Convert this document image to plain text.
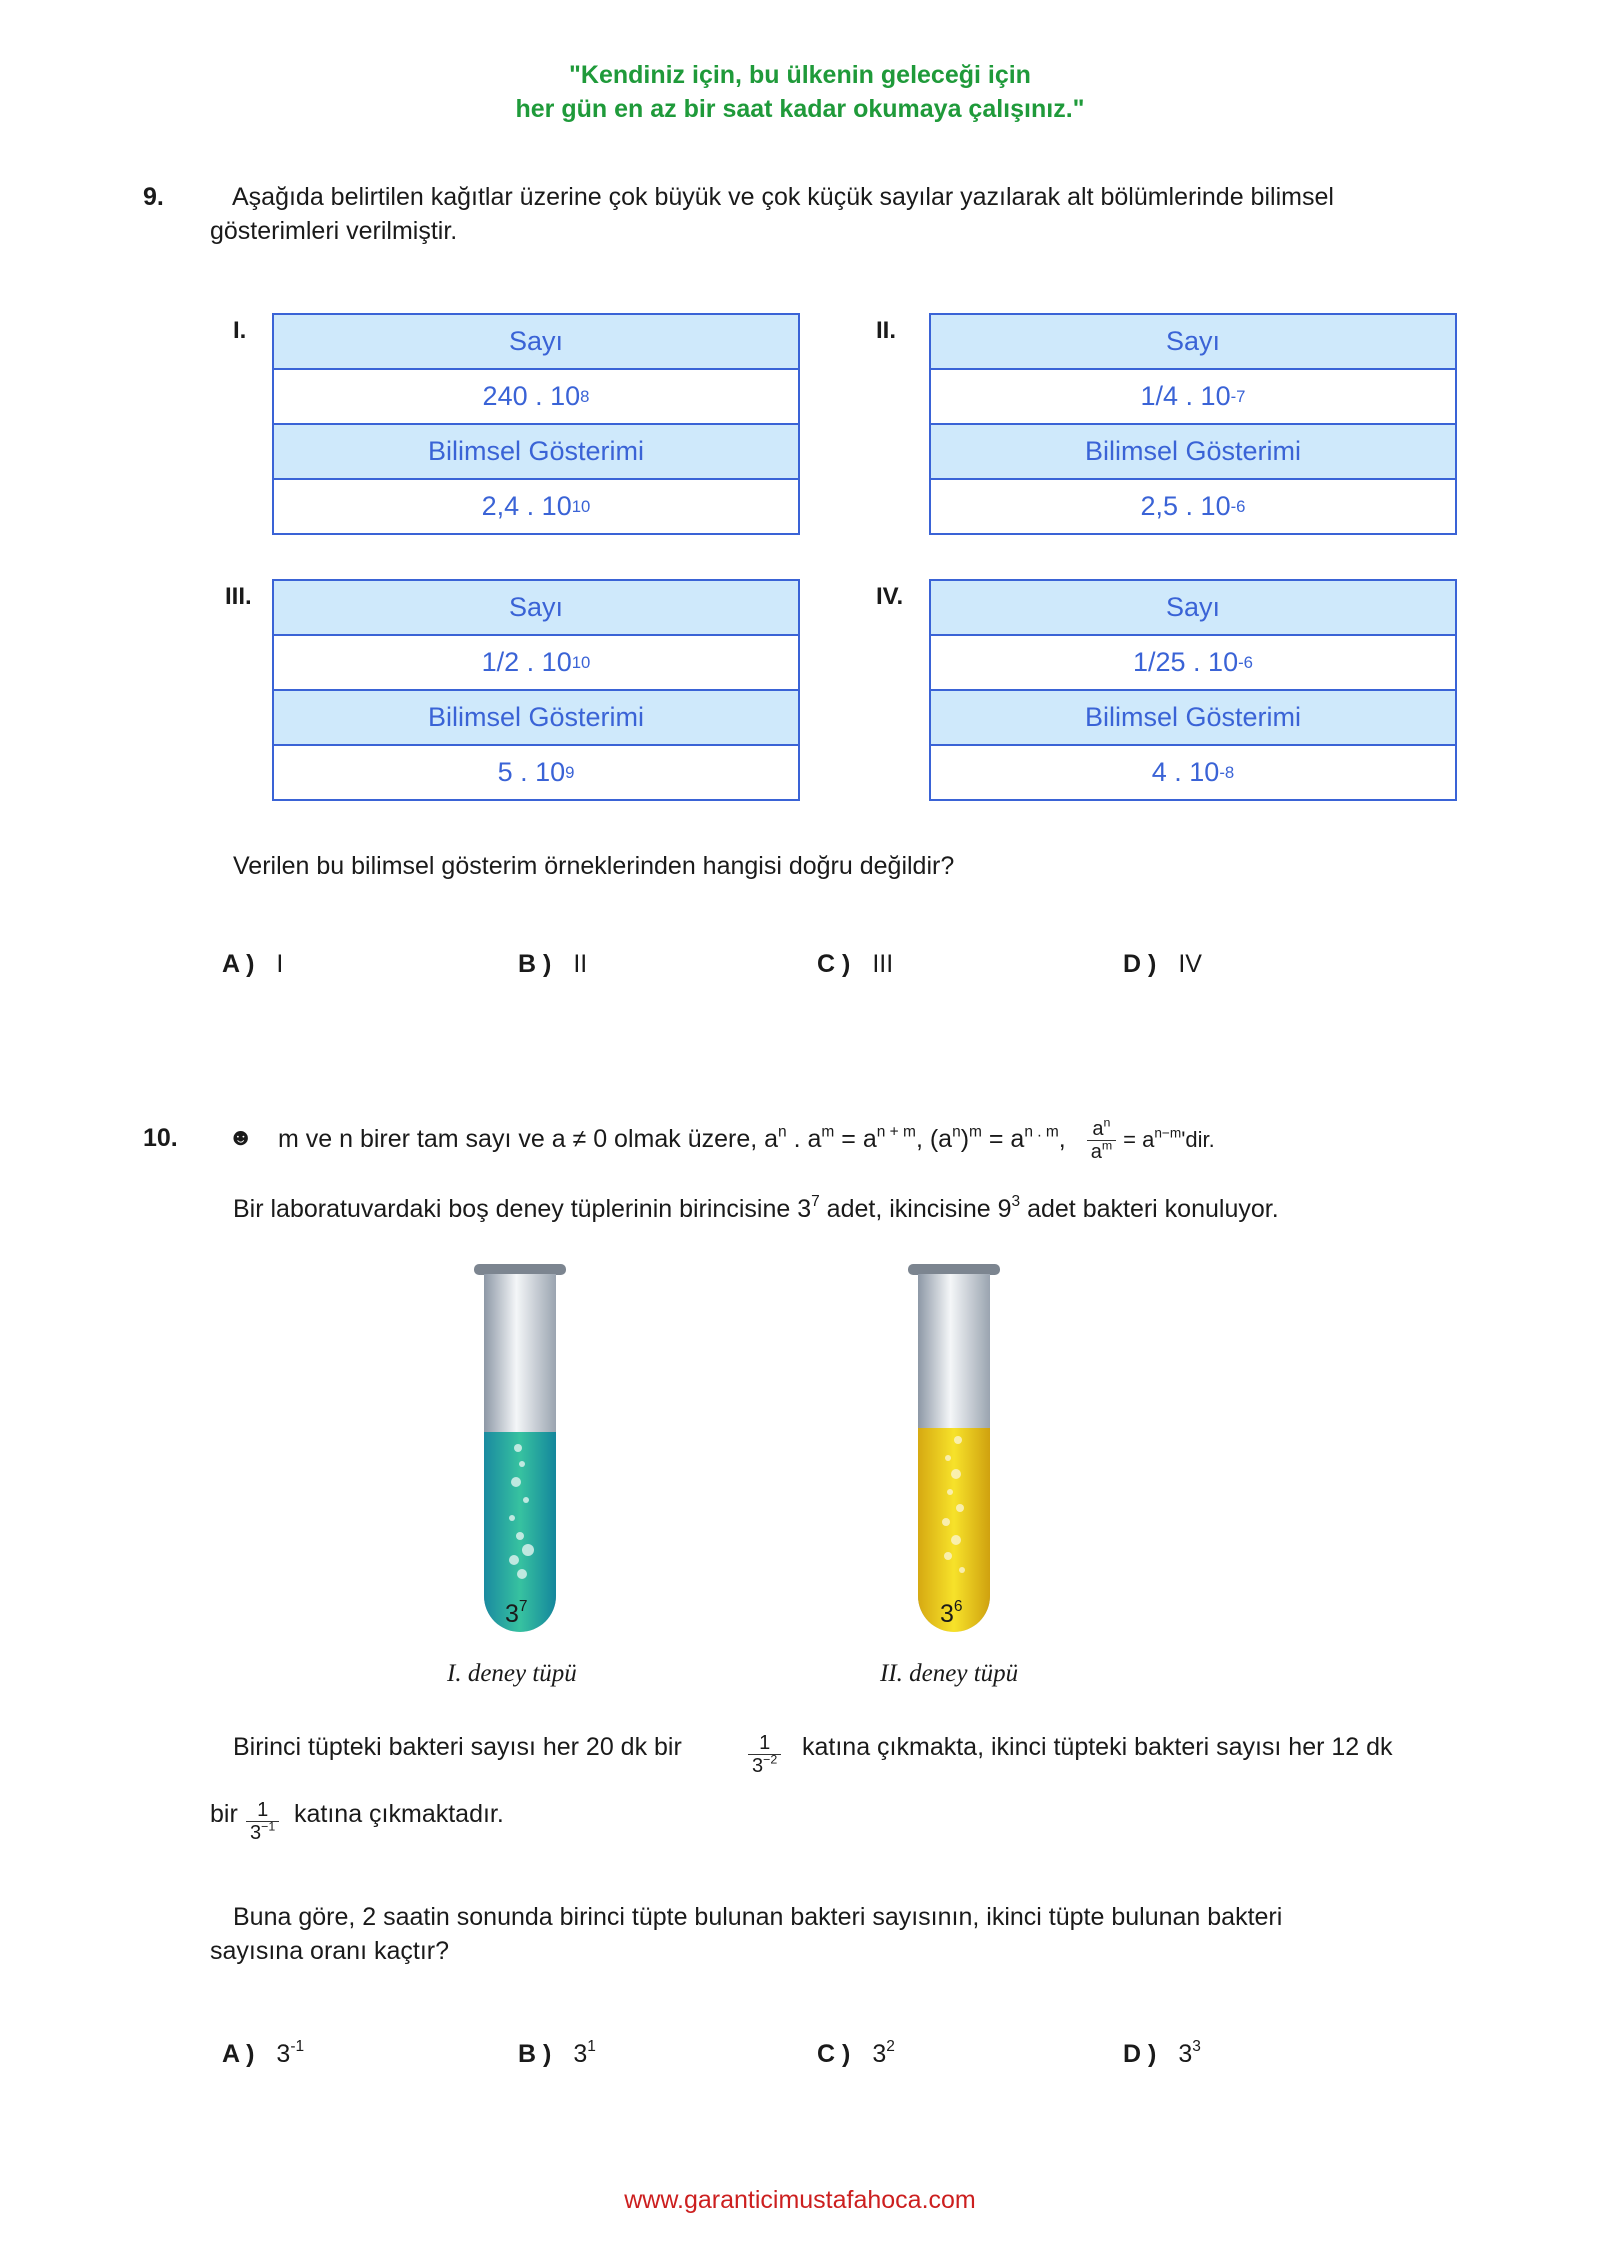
"Kendiniz için, bu ülkenin geleceği için
her gün en az bir saat kadar okumaya çalışınız."
9.	Aşağıda belirtilen kağıtlar üzerine çok büyük ve çok küçük sayılar yazılarak alt bölümlerinde bilimsel
gösterimleri verilmiştir.
I.	Sayı
240 . 10 8
Bilimsel Gösterimi
2,4 . 10 10
II.	Sayı
1/4 . 10 -7
Bilimsel Gösterimi
2,5 . 10 -6
III.	Sayı
1/2 . 10 10
Bilimsel Gösterimi
5 . 10 9
IV.	Sayı
1/25 . 10 -6
Bilimsel Gösterimi
4 . 10 -8
Verilen bu bilimsel gösterim örneklerinden hangisi doğru değildir?
A ) I	B ) II	C ) III	D ) IV
10. ☻ m ve n birer tam sayı ve a ≠ 0 olmak üzere, $a^n$ . $a^m = a^{n + m}$, $(a^n)^m = a^{n . m}$, $\frac{a^n}{a^m} = a^{n-m}'dir$.
Bir laboratuvardaki boş deney tüplerinin birincisine $3^7$ adet, ikincisine $9^3$ adet bakteri konuluyor.
$3^7$
I. deney tüpü
$3^6$
II. deney tüpü
Birinci tüpteki bakteri sayısı her 20 dk bir	$\frac{1}{3^{-2}}$ katına çıkmakta, ikinci tüpteki bakteri sayısı her 12 dk
bir $\frac{1}{3^{-1}}$ katına çıkmaktadır.
Buna göre, 2 saatin sonunda birinci tüpte bulunan bakteri sayısının, ikinci tüpte bulunan bakteri
sayısına oranı kaçtır?
A ) $3^{-1}$	B ) $3^1$	C ) $3^2$	D ) $3^3$
www.garanticimustafahoca.com
